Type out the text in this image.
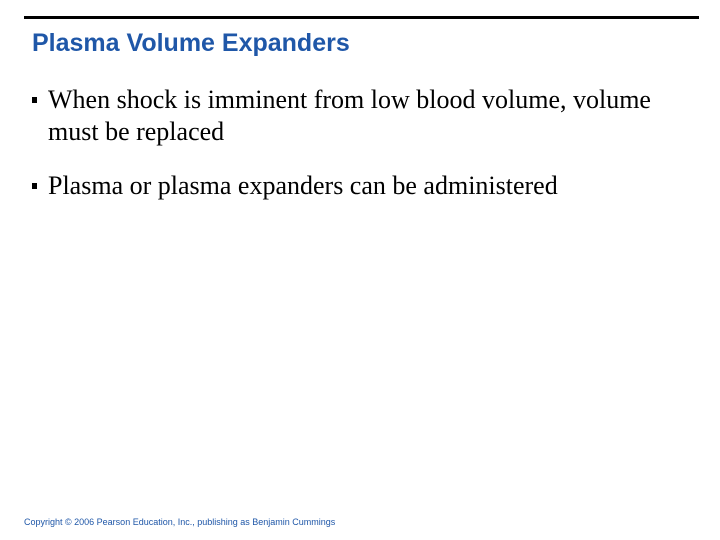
Plasma Volume Expanders
When shock is imminent from low blood volume, volume must be replaced
Plasma or plasma expanders can be administered
Copyright © 2006 Pearson Education, Inc., publishing as Benjamin Cummings
